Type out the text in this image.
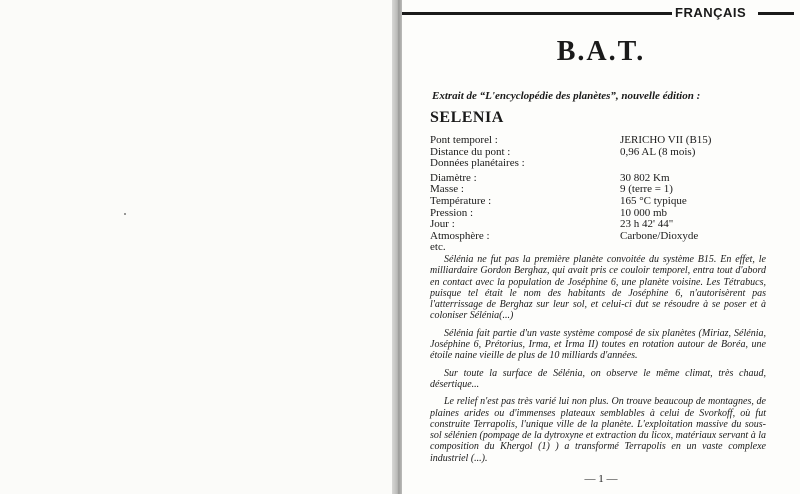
FRANÇAIS
B.A.T.
Extrait de “L'encyclopédie des planètes”, nouvelle édition :
SELENIA
Pont temporel :	JERICHO VII (B15)
Distance du pont :	0,96 AL (8 mois)
Données planétaires :
Diamètre :	30 802 Km
Masse :	9 (terre = 1)
Température :	165 °C typique
Pression :	10 000 mb
Jour :	23 h 42' 44"
Atmosphère :	Carbone/Dioxyde
etc.

Sélénia ne fut pas la première planète convoitée du système B15. En effet, le milliardaire Gordon Berghaz, qui avait pris ce couloir temporel, entra tout d'abord en contact avec la population de Joséphine 6, une planète voisine. Les Tétrabucs, puisque tel était le nom des habitants de Joséphine 6, n'autorisèrent pas l'atterrissage de Berghaz sur leur sol, et celui-ci dut se résoudre à se poser et à coloniser Sélénia(...)

Sélénia fait partie d'un vaste système composé de six planètes (Miriaz, Sélénia, Joséphine 6, Prétorius, Irma, et Irma II) toutes en rotation autour de Boréa, une étoile naine vieille de plus de 10 milliards d'années.

Sur toute la surface de Sélénia, on observe le même climat, très chaud, désertique...

Le relief n'est pas très varié lui non plus. On trouve beaucoup de montagnes, de plaines arides ou d'immenses plateaux semblables à celui de Svorkoff, où fut construite Terrapolis, l'unique ville de la planète. L'exploitation massive du sous-sol sélénien (pompage de la dytroxyne et extraction du licox, matériaux servant à la composition du Khergol (1) ) a transformé Terrapolis en un vaste complexe industriel (...).

— 1 —
